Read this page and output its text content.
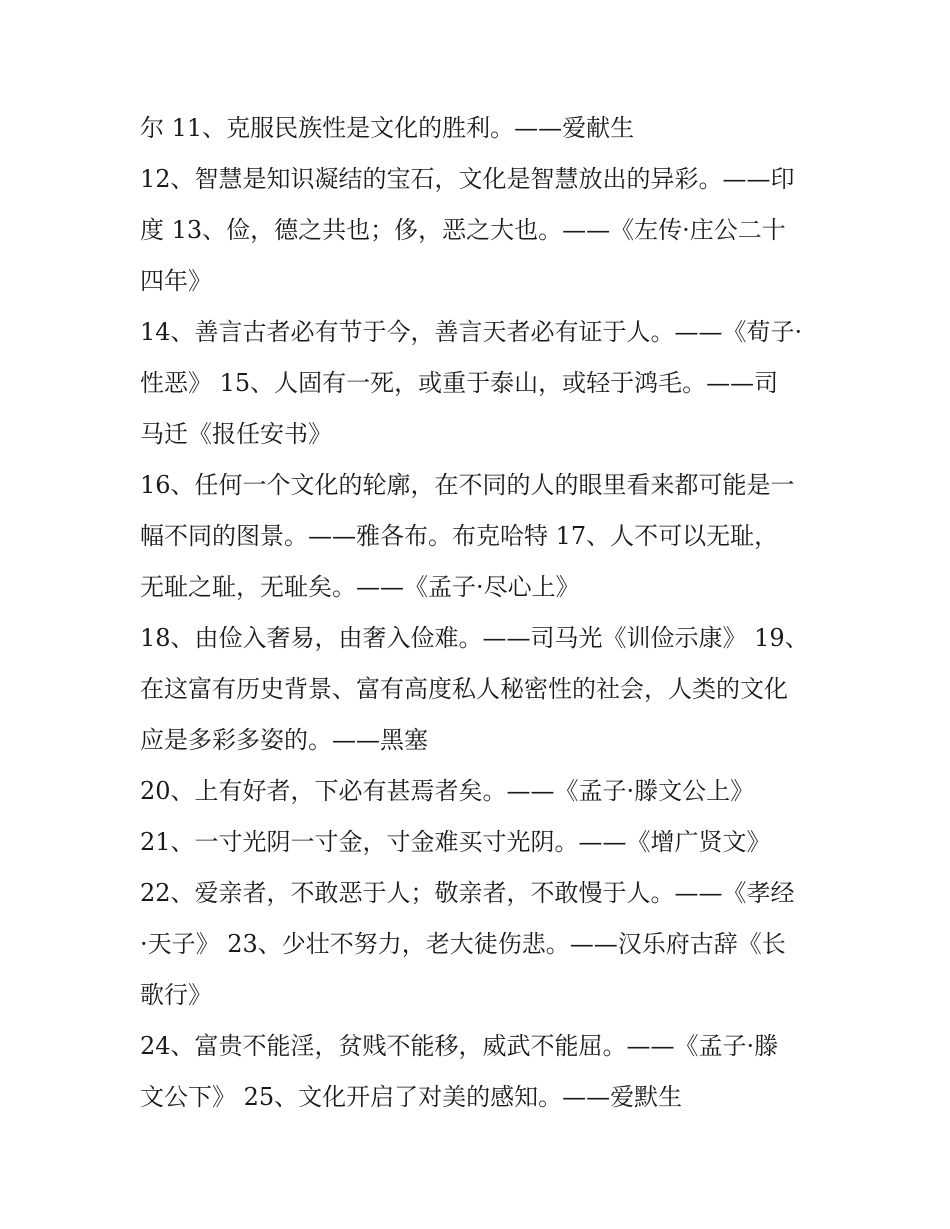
尔 11、克服民族性是文化的胜利。——爱献生
12、智慧是知识凝结的宝石，文化是智慧放出的异彩。——印
度 13、俭，德之共也；侈，恶之大也。——《左传·庄公二十
四年》
14、善言古者必有节于今，善言天者必有证于人。——《荀子·
性恶》 15、人固有一死，或重于泰山，或轻于鸿毛。——司
马迁《报任安书》
16、任何一个文化的轮廓，在不同的人的眼里看来都可能是一
幅不同的图景。——雅各布。布克哈特 17、人不可以无耻，
无耻之耻，无耻矣。——《孟子·尽心上》
18、由俭入奢易，由奢入俭难。——司马光《训俭示康》 19、
在这富有历史背景、富有高度私人秘密性的社会，人类的文化
应是多彩多姿的。——黑塞
20、上有好者，下必有甚焉者矣。——《孟子·滕文公上》
21、一寸光阴一寸金，寸金难买寸光阴。——《增广贤文》
22、爱亲者，不敢恶于人；敬亲者，不敢慢于人。——《孝经
·天子》 23、少壮不努力，老大徒伤悲。——汉乐府古辞《长
歌行》
24、富贵不能淫，贫贱不能移，威武不能屈。——《孟子·滕
文公下》 25、文化开启了对美的感知。——爱默生
